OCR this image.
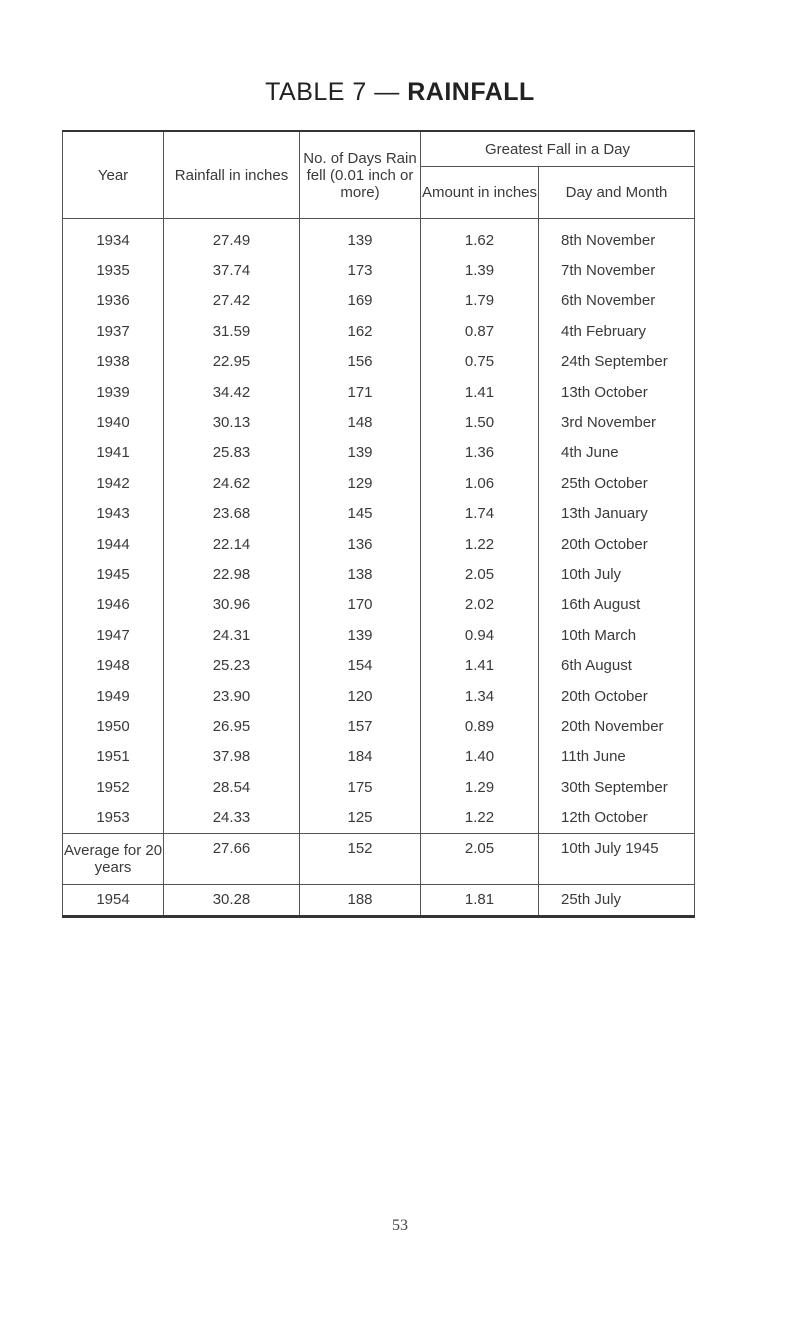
TABLE 7 — RAINFALL
Year	Rainfall in inches	No. of Days Rain fell (0.01 inch or more)	Greatest Fall in a Day	
			Amount in inches	Day and Month
1934	27.49	139	1.62	8th November
1935	37.74	173	1.39	7th November
1936	27.42	169	1.79	6th November
1937	31.59	162	0.87	4th February
1938	22.95	156	0.75	24th September
1939	34.42	171	1.41	13th October
1940	30.13	148	1.50	3rd November
1941	25.83	139	1.36	4th June
1942	24.62	129	1.06	25th October
1943	23.68	145	1.74	13th January
1944	22.14	136	1.22	20th October
1945	22.98	138	2.05	10th July
1946	30.96	170	2.02	16th August
1947	24.31	139	0.94	10th March
1948	25.23	154	1.41	6th August
1949	23.90	120	1.34	20th October
1950	26.95	157	0.89	20th November
1951	37.98	184	1.40	11th June
1952	28.54	175	1.29	30th September
1953	24.33	125	1.22	12th October
Average for 20 years	27.66	152	2.05	10th July 1945
1954	30.28	188	1.81	25th July
53
